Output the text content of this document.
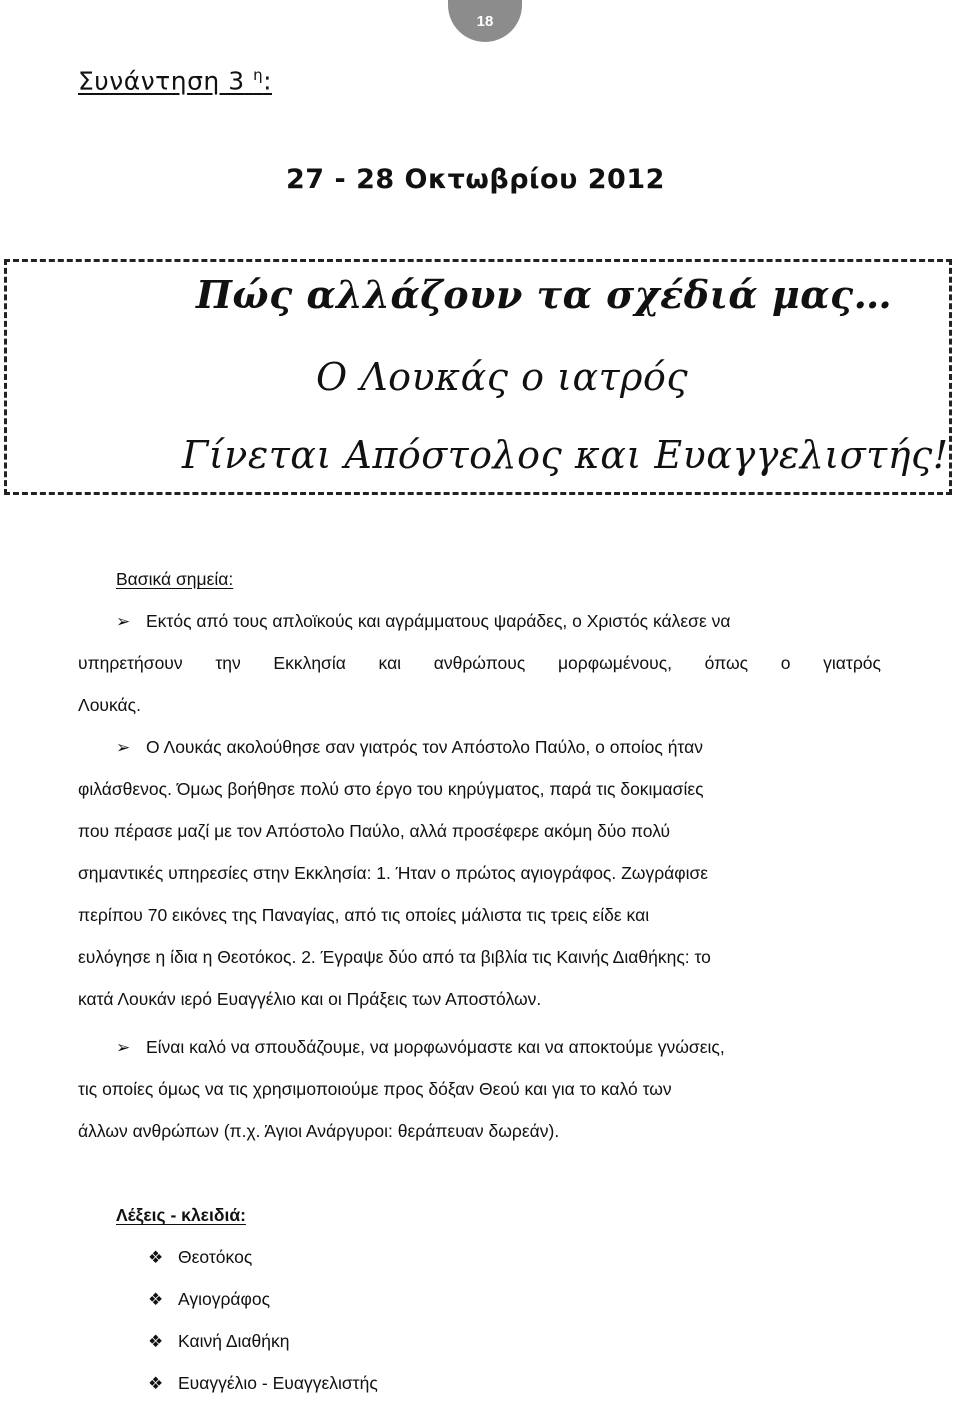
18
Συνάντηση 3 $^\eta$:
27 - 28 Οκτωβρίου 2012
Πώς αλλάζουν τα σχέδιά μας…
Ο Λουκάς ο ιατρός
Γίνεται Απόστολος και Ευαγγελιστής!
Βασικά σημεία:
➢ Εκτός από τους απλοϊκούς και αγράμματους ψαράδες, ο Χριστός κάλεσε να
υπηρετήσουν την Εκκλησία και ανθρώπους μορφωμένους, όπως ο γιατρός
Λουκάς.
➢ Ο Λουκάς ακολούθησε σαν γιατρός τον Απόστολο Παύλο, ο οποίος ήταν
φιλάσθενος. Όμως βοήθησε πολύ στο έργο του κηρύγματος, παρά τις δοκιμασίες
που πέρασε μαζί με τον Απόστολο Παύλο, αλλά προσέφερε ακόμη δύο πολύ
σημαντικές υπηρεσίες στην Εκκλησία: 1. Ήταν ο πρώτος αγιογράφος. Ζωγράφισε
περίπου 70 εικόνες της Παναγίας, από τις οποίες μάλιστα τις τρεις είδε και
ευλόγησε η ίδια η Θεοτόκος. 2. Έγραψε δύο από τα βιβλία τις Καινής Διαθήκης: το
κατά Λουκάν ιερό Ευαγγέλιο και οι Πράξεις των Αποστόλων.
➢ Είναι καλό να σπουδάζουμε, να μορφωνόμαστε και να αποκτούμε γνώσεις,
τις οποίες όμως να τις χρησιμοποιούμε προς δόξαν Θεού και για το καλό των
άλλων ανθρώπων (π.χ. Άγιοι Ανάργυροι: θεράπευαν δωρεάν).
Λέξεις - κλειδιά:
❖ Θεοτόκος
❖ Αγιογράφος
❖ Καινή Διαθήκη
❖ Ευαγγέλιο - Ευαγγελιστής
